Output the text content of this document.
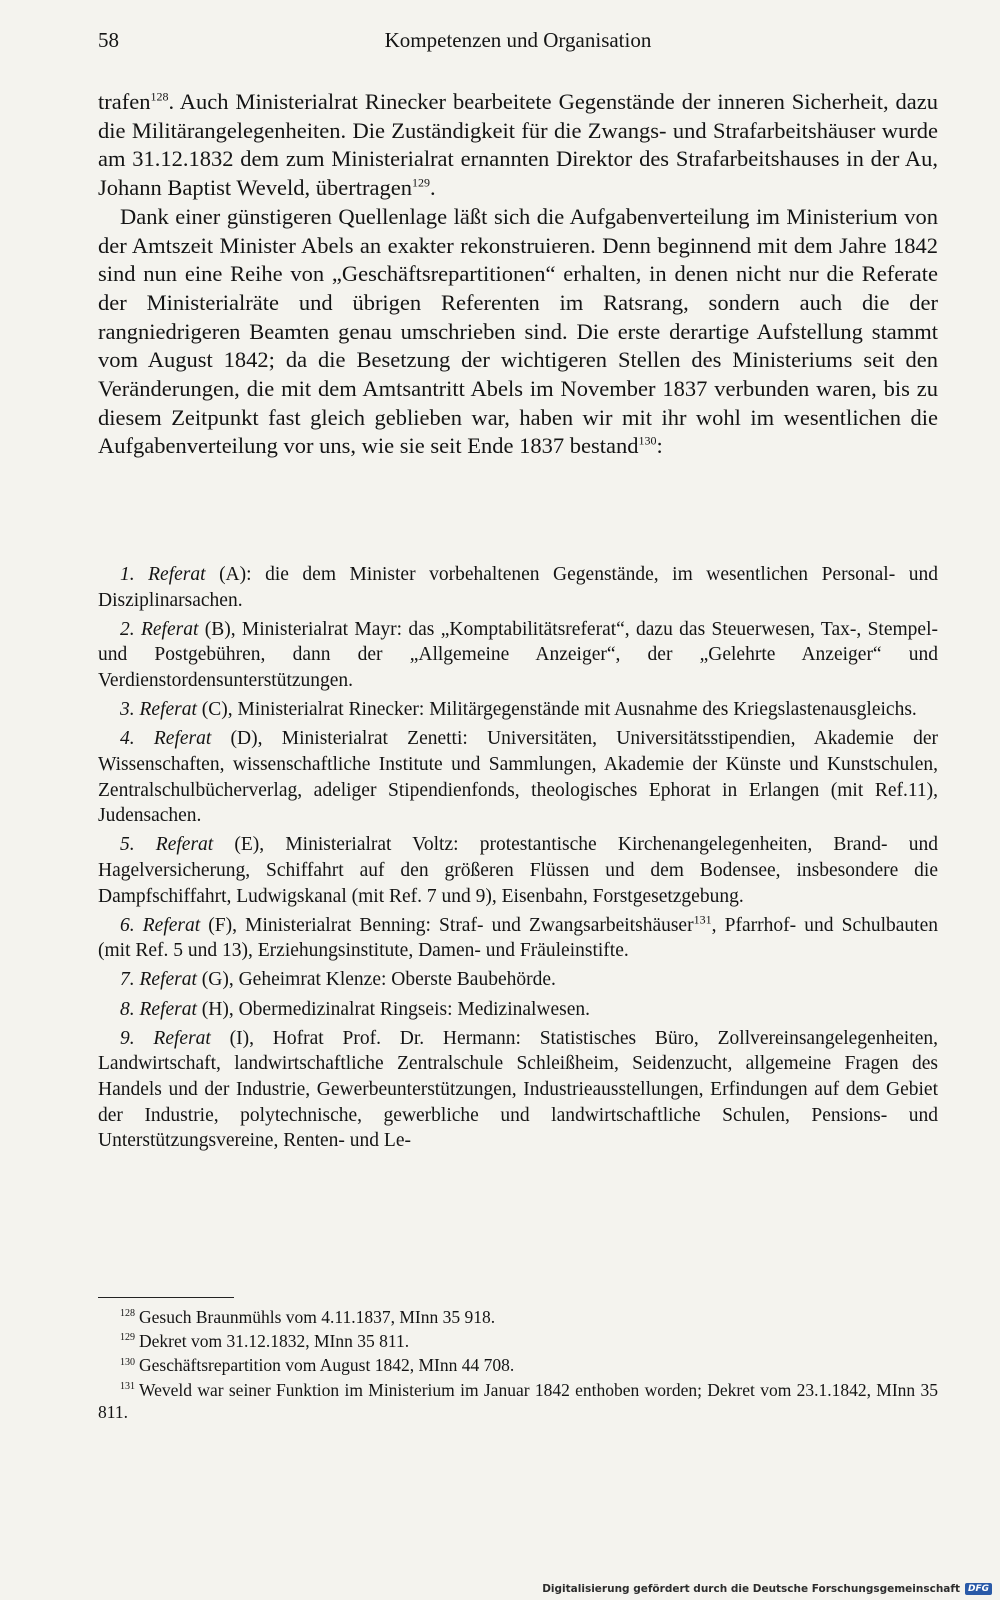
58	Kompetenzen und Organisation

trafen$^{128}$. Auch Ministerialrat Rinecker bearbeitete Gegenstände der inneren Sicherheit, dazu die Militärangelegenheiten. Die Zuständigkeit für die Zwangs- und Strafarbeitshäuser wurde am 31.12.1832 dem zum Ministerialrat ernannten Direktor des Strafarbeitshauses in der Au, Johann Baptist Weveld, übertragen$^{129}$.

Dank einer günstigeren Quellenlage läßt sich die Aufgabenverteilung im Ministerium von der Amtszeit Minister Abels an exakter rekonstruieren. Denn beginnend mit dem Jahre 1842 sind nun eine Reihe von „Geschäftsrepartitionen“ erhalten, in denen nicht nur die Referate der Ministerialräte und übrigen Referenten im Ratsrang, sondern auch die der rangniedrigeren Beamten genau umschrieben sind. Die erste derartige Aufstellung stammt vom August 1842; da die Besetzung der wichtigeren Stellen des Ministeriums seit den Veränderungen, die mit dem Amtsantritt Abels im November 1837 verbunden waren, bis zu diesem Zeitpunkt fast gleich geblieben war, haben wir mit ihr wohl im wesentlichen die Aufgabenverteilung vor uns, wie sie seit Ende 1837 bestand$^{130}$:

1. Referat (A): die dem Minister vorbehaltenen Gegenstände, im wesentlichen Personal- und Disziplinarsachen.

2. Referat (B), Ministerialrat Mayr: das „Komptabilitätsreferat“, dazu das Steuerwesen, Tax-, Stempel- und Postgebühren, dann der „Allgemeine Anzeiger“, der „Gelehrte Anzeiger“ und Verdienstordensunterstützungen.

3. Referat (C), Ministerialrat Rinecker: Militärgegenstände mit Ausnahme des Kriegslastenausgleichs.

4. Referat (D), Ministerialrat Zenetti: Universitäten, Universitätsstipendien, Akademie der Wissenschaften, wissenschaftliche Institute und Sammlungen, Akademie der Künste und Kunstschulen, Zentralschulbücherverlag, adeliger Stipendienfonds, theologisches Ephorat in Erlangen (mit Ref.11), Judensachen.

5. Referat (E), Ministerialrat Voltz: protestantische Kirchenangelegenheiten, Brand- und Hagelversicherung, Schiffahrt auf den größeren Flüssen und dem Bodensee, insbesondere die Dampfschiffahrt, Ludwigskanal (mit Ref. 7 und 9), Eisenbahn, Forstgesetzgebung.

6. Referat (F), Ministerialrat Benning: Straf- und Zwangsarbeitshäuser$^{131}$, Pfarrhof- und Schulbauten (mit Ref. 5 und 13), Erziehungsinstitute, Damen- und Fräuleinstifte.

7. Referat (G), Geheimrat Klenze: Oberste Baubehörde.

8. Referat (H), Obermedizinalrat Ringseis: Medizinalwesen.

9. Referat (I), Hofrat Prof. Dr. Hermann: Statistisches Büro, Zollvereinsangelegenheiten, Landwirtschaft, landwirtschaftliche Zentralschule Schleißheim, Seidenzucht, allgemeine Fragen des Handels und der Industrie, Gewerbeunterstützungen, Industrieausstellungen, Erfindungen auf dem Gebiet der Industrie, polytechnische, gewerbliche und landwirtschaftliche Schulen, Pensions- und Unterstützungsvereine, Renten- und Le-

$^{128}$ Gesuch Braunmühls vom 4.11.1837, MInn 35 918.

$^{129}$ Dekret vom 31.12.1832, MInn 35 811.

$^{130}$ Geschäftsrepartition vom August 1842, MInn 44 708.

$^{131}$ Weveld war seiner Funktion im Ministerium im Januar 1842 enthoben worden; Dekret vom 23.1.1842, MInn 35 811.

Digitalisierung gefördert durch die Deutsche Forschungsgemeinschaft DFG
